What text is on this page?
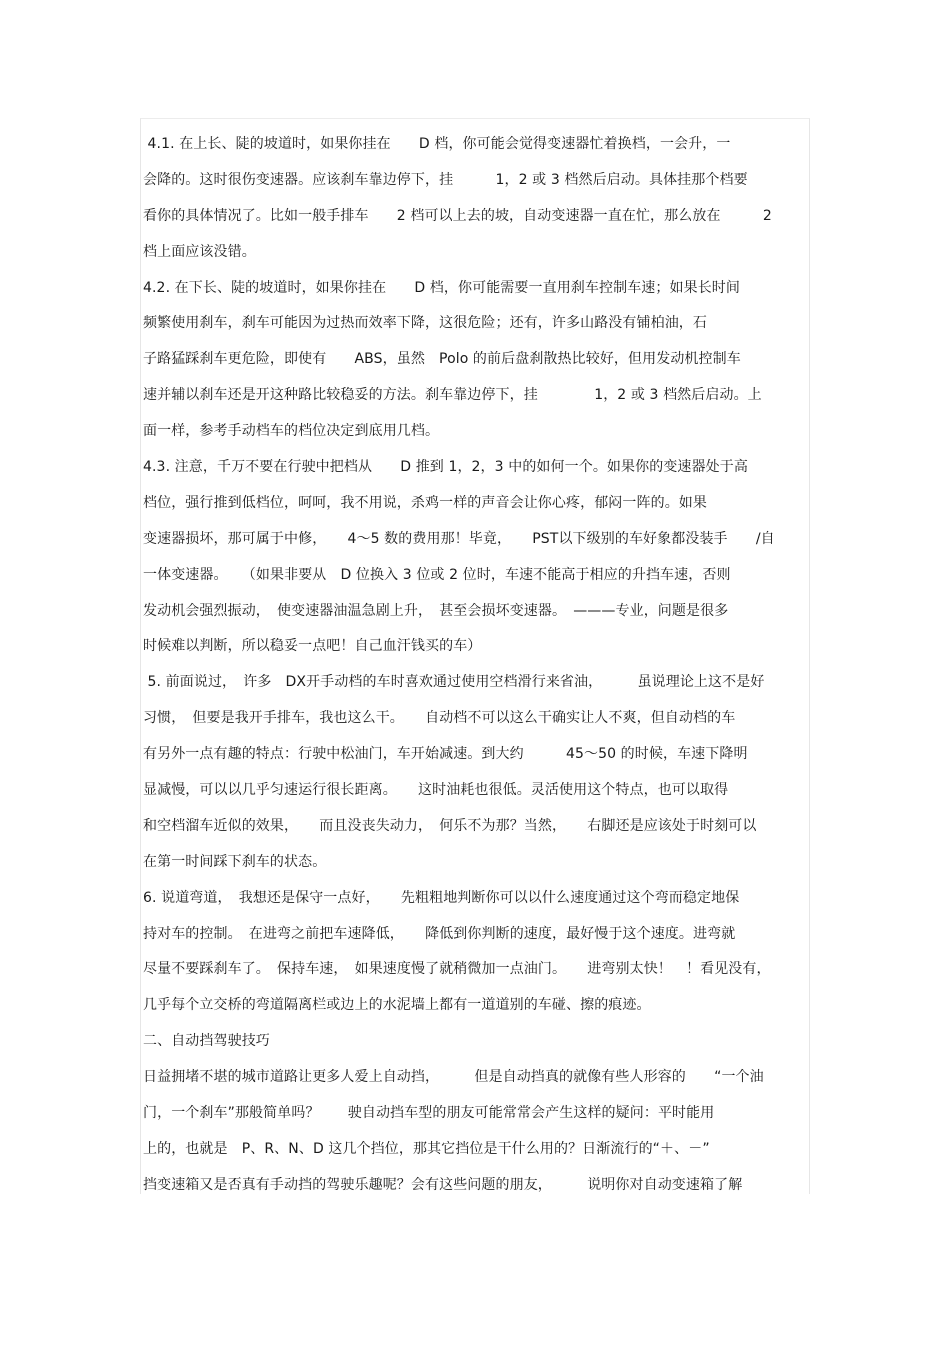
4.1. 在上长、陡的坡道时，如果你挂在　　D 档，你可能会觉得变速器忙着换档，一会升，一
会降的。这时很伤变速器。应该刹车靠边停下，挂　　　1，2 或 3 档然后启动。具体挂那个档要
看你的具体情况了。比如一般手排车　　2 档可以上去的坡，自动变速器一直在忙，那么放在　　　2
档上面应该没错。
4.2. 在下长、陡的坡道时，如果你挂在　　D 档，你可能需要一直用刹车控制车速；如果长时间
频繁使用刹车，刹车可能因为过热而效率下降，这很危险；还有，许多山路没有铺柏油，石
子路猛踩刹车更危险，即使有　　ABS，虽然　Polo 的前后盘刹散热比较好，但用发动机控制车
速并辅以刹车还是开这种路比较稳妥的方法。刹车靠边停下，挂　　　　1，2 或 3 档然后启动。上
面一样，参考手动档车的档位决定到底用几档。
4.3. 注意，千万不要在行驶中把档从　　D 推到 1，2，3 中的如何一个。如果你的变速器处于高
档位，强行推到低档位，呵呵，我不用说，杀鸡一样的声音会让你心疼，郁闷一阵的。如果
变速器损坏，那可属于中修，　　4～5 数的费用那！毕竟，　　PST以下级别的车好象都没装手　　/自
一体变速器。　　（如果非要从　D 位换入 3 位或 2 位时，车速不能高于相应的升挡车速，否则
发动机会强烈振动，　使变速器油温急剧上升，　甚至会损坏变速器。　———专业，问题是很多
时候难以判断，所以稳妥一点吧！自己血汗钱买的车）
5. 前面说过，　许多　DX开手动档的车时喜欢通过使用空档滑行来省油，　　　虽说理论上这不是好
习惯，　但要是我开手排车，我也这么干。　　自动档不可以这么干确实让人不爽，但自动档的车
有另外一点有趣的特点：行驶中松油门，车开始减速。到大约　　　45～50 的时候，车速下降明
显减慢，可以以几乎匀速运行很长距离。　　这时油耗也很低。灵活使用这个特点，也可以取得
和空档溜车近似的效果，　　而且没丧失动力，　何乐不为那？当然，　　右脚还是应该处于时刻可以
在第一时间踩下刹车的状态。
6. 说道弯道，　我想还是保守一点好，　　先粗粗地判断你可以以什么速度通过这个弯而稳定地保
持对车的控制。　在进弯之前把车速降低，　　降低到你判断的速度，最好慢于这个速度。进弯就
尽量不要踩刹车了。　保持车速，　如果速度慢了就稍微加一点油门。　　进弯别太快！　！看见没有，
几乎每个立交桥的弯道隔离栏或边上的水泥墙上都有一道道别的车碰、擦的痕迹。
二、自动挡驾驶技巧
日益拥堵不堪的城市道路让更多人爱上自动挡，　　　但是自动挡真的就像有些人形容的　　“一个油
门，一个刹车”那般简单吗？　　驶自动挡车型的朋友可能常常会产生这样的疑问：平时能用
上的，也就是　P、R、N、D 这几个挡位，那其它挡位是干什么用的？日渐流行的“＋、－”
挡变速箱又是否真有手动挡的驾驶乐趣呢？会有这些问题的朋友，　　　说明你对自动变速箱了解
